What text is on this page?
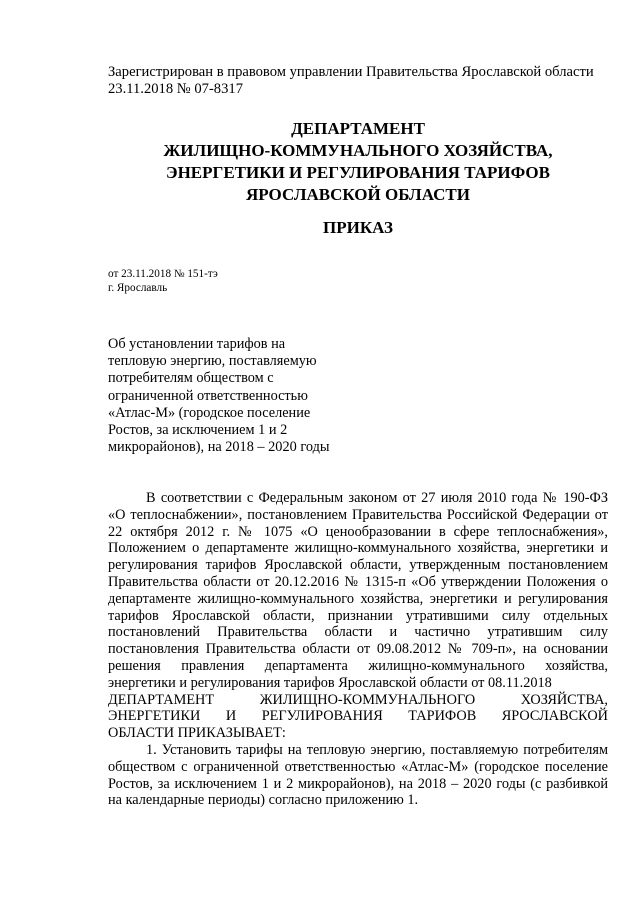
Зарегистрирован в правовом управлении Правительства Ярославской области
23.11.2018 № 07-8317
ДЕПАРТАМЕНТ
ЖИЛИЩНО-КОММУНАЛЬНОГО ХОЗЯЙСТВА,
ЭНЕРГЕТИКИ И РЕГУЛИРОВАНИЯ ТАРИФОВ
ЯРОСЛАВСКОЙ ОБЛАСТИ
ПРИКАЗ
от 23.11.2018 № 151-тэ
г. Ярославль
Об установлении тарифов на
тепловую энергию, поставляемую
потребителям обществом с
ограниченной ответственностью
«Атлас-М» (городское поселение
Ростов, за исключением 1 и 2
микрорайонов), на 2018 – 2020 годы

В соответствии с Федеральным законом от 27 июля 2010 года № 190-ФЗ «О теплоснабжении», постановлением Правительства Российской Федерации от 22 октября 2012 г. № 1075 «О ценообразовании в сфере теплоснабжения», Положением о департаменте жилищно-коммунального хозяйства, энергетики и регулирования тарифов Ярославской области, утвержденным постановлением Правительства области от 20.12.2016 № 1315-п «Об утверждении Положения о департаменте жилищно-коммунального хозяйства, энергетики и регулирования тарифов Ярославской области, признании утратившими силу отдельных постановлений Правительства области и частично утратившим силу постановления Правительства области от 09.08.2012 № 709-п», на основании решения правления департамента жилищно-коммунального хозяйства, энергетики и регулирования тарифов Ярославской области от 08.11.2018

ДЕПАРТАМЕНТ ЖИЛИЩНО-КОММУНАЛЬНОГО ХОЗЯЙСТВА,
ЭНЕРГЕТИКИ И РЕГУЛИРОВАНИЯ ТАРИФОВ ЯРОСЛАВСКОЙ
ОБЛАСТИ ПРИКАЗЫВАЕТ:

1. Установить тарифы на тепловую энергию, поставляемую потребителям обществом с ограниченной ответственностью «Атлас-М» (городское поселение Ростов, за исключением 1 и 2 микрорайонов), на 2018 – 2020 годы (с разбивкой на календарные периоды) согласно приложению 1.
